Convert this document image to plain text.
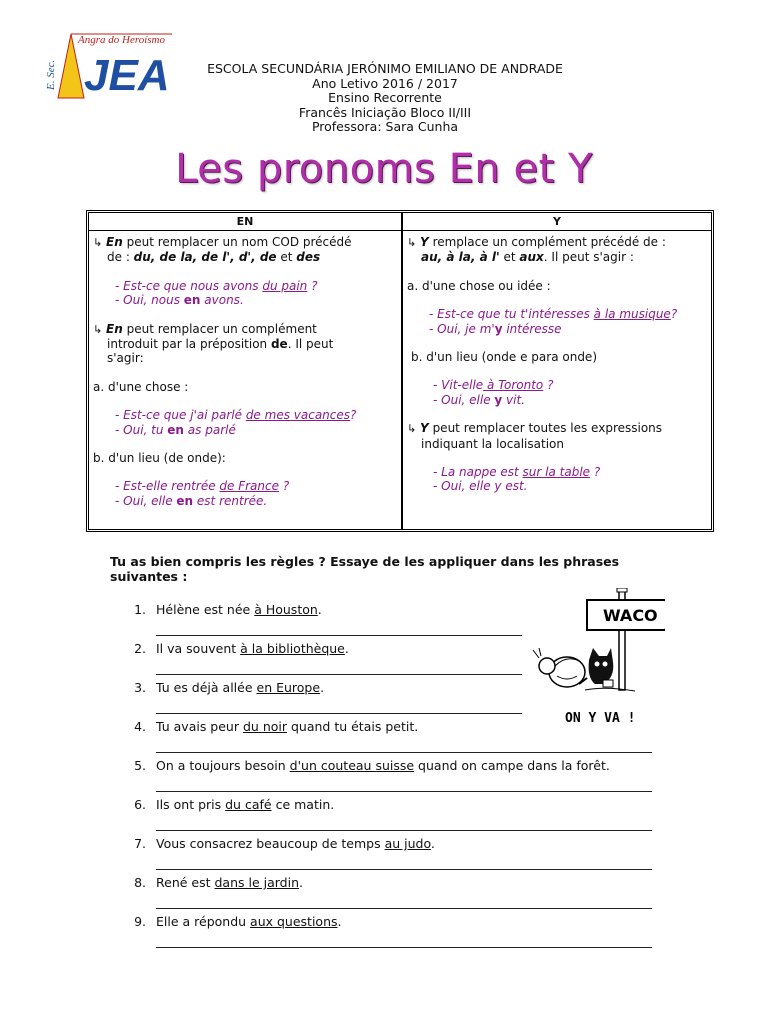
Angra do Heroísmo
E. Sec. JEA	ESCOLA SECUNDÁRIA JERÓNIMO EMILIANO DE ANDRADE
Ano Letivo 2016 / 2017
Ensino Recorrente
Francês Iniciação Bloco II/III
Professora: Sara Cunha
Les pronoms En et Y
EN	Y

↳ En peut remplacer un nom COD précédé

de : du, de la, de l', d', de et des

- Est-ce que nous avons du pain ?

- Oui, nous en avons.

↳ En peut remplacer un complément

introduit par la préposition de. Il peut

s'agir:

a. d'une chose :

- Est-ce que j'ai parlé de mes vacances?

- Oui, tu en as parlé

b. d'un lieu (de onde):

- Est-elle rentrée de France ?

- Oui, elle en est rentrée.

↳ Y remplace un complément précédé de :

au, à la, à l' et aux. Il peut s'agir :

a. d'une chose ou idée :

- Est-ce que tu t'intéresses à la musique?

- Oui, je m'y intéresse

b. d'un lieu (onde e para onde)

- Vit-elle à Toronto ?

- Oui, elle y vit.

↳ Y peut remplacer toutes les expressions

indiquant la localisation

- La nappe est sur la table ?

- Oui, elle y est.

Tu as bien compris les règles ? Essaye de les appliquer dans les phrases suivantes :
1. Hélène est née à Houston.
2. Il va souvent à la bibliothèque.
3. Tu es déjà allée en Europe.
4. Tu avais peur du noir quand tu étais petit.
5. On a toujours besoin d'un couteau suisse quand on campe dans la forêt.
6. Ils ont pris du café ce matin.
7. Vous consacrez beaucoup de temps au judo.
8. René est dans le jardin.
9. Elle a répondu aux questions.
WACO
ON Y VA !
